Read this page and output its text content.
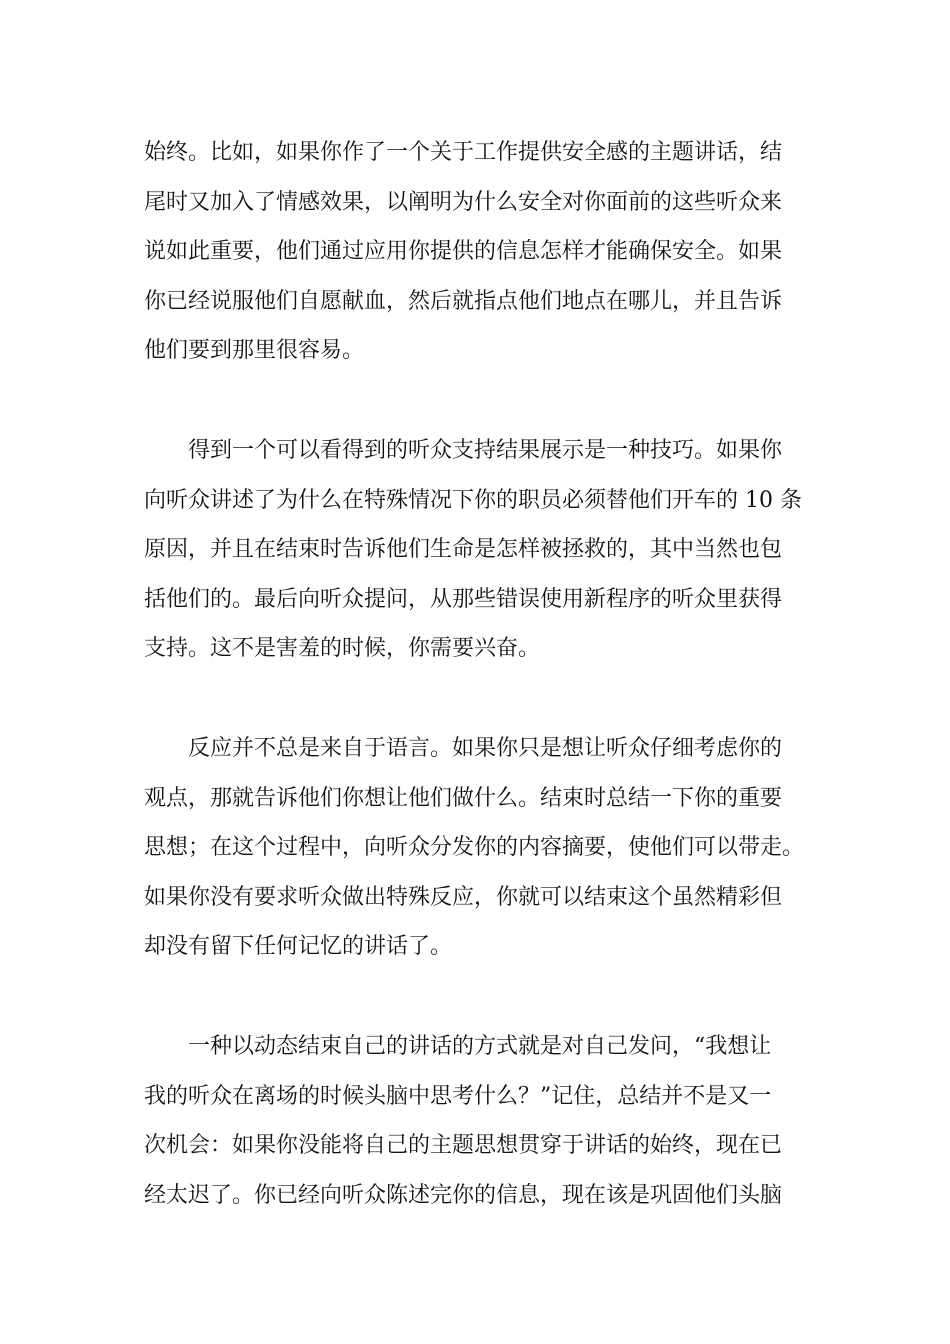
始终。比如，如果你作了一个关于工作提供安全感的主题讲话，结
尾时又加入了情感效果，以阐明为什么安全对你面前的这些听众来
说如此重要，他们通过应用你提供的信息怎样才能确保安全。如果
你已经说服他们自愿献血，然后就指点他们地点在哪儿，并且告诉
他们要到那里很容易。

得到一个可以看得到的听众支持结果展示是一种技巧。如果你
向听众讲述了为什么在特殊情况下你的职员必须替他们开车的 10 条
原因，并且在结束时告诉他们生命是怎样被拯救的，其中当然也包
括他们的。最后向听众提问，从那些错误使用新程序的听众里获得
支持。这不是害羞的时候，你需要兴奋。

反应并不总是来自于语言。如果你只是想让听众仔细考虑你的
观点，那就告诉他们你想让他们做什么。结束时总结一下你的重要
思想；在这个过程中，向听众分发你的内容摘要，使他们可以带走。
如果你没有要求听众做出特殊反应，你就可以结束这个虽然精彩但
却没有留下任何记忆的讲话了。

一种以动态结束自己的讲话的方式就是对自己发问，“我想让
我的听众在离场的时候头脑中思考什么？”记住，总结并不是又一
次机会：如果你没能将自己的主题思想贯穿于讲话的始终，现在已
经太迟了。你已经向听众陈述完你的信息，现在该是巩固他们头脑
